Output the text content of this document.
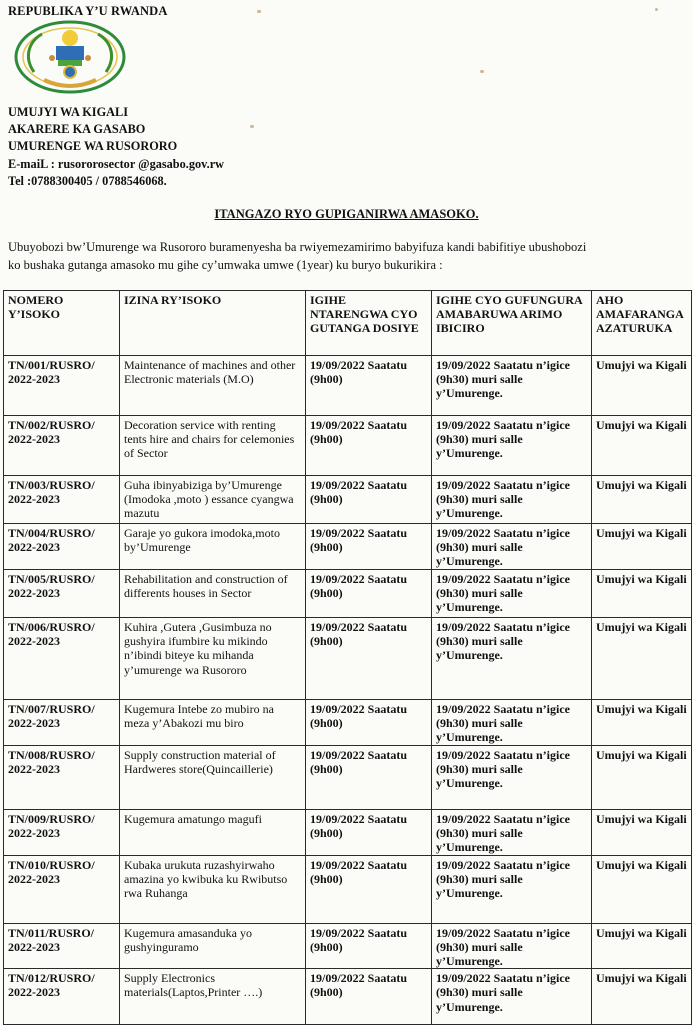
REPUBLIKA Y’U RWANDA
UMUJYI WA KIGALI
AKARERE KA GASABO
UMURENGE WA RUSORORO
E-maiL : rusororosector @gasabo.gov.rw
Tel :0788300405 / 0788546068.
ITANGAZO RYO GUPIGANIRWA AMASOKO.
Ubuyobozi bw’Umurenge wa Rusororo buramenyesha ba rwiyemezamirimo babyifuza kandi babifitiye ubushobozi
ko bushaka gutanga amasoko mu gihe cy’umwaka umwe (1year) ku buryo bukurikira :
NOMERO Y’ISOKO	IZINA RY’ISOKO	IGIHE NTARENGWA CYO GUTANGA DOSIYE	IGIHE CYO GUFUNGURA AMABARUWA ARIMO IBICIRO	AHO AMAFARANGA AZATURUKA
TN/001/RUSRO/ 2022-2023	Maintenance of machines and other Electronic materials (M.O)	19/09/2022 Saatatu (9h00)	19/09/2022 Saatatu n’igice (9h30) muri salle y’Umurenge.	Umujyi wa Kigali
TN/002/RUSRO/ 2022-2023	Decoration service with renting tents hire and chairs for celemonies of Sector	19/09/2022 Saatatu (9h00)	19/09/2022 Saatatu n’igice (9h30) muri salle y’Umurenge.	Umujyi wa Kigali
TN/003/RUSRO/ 2022-2023	Guha ibinyabiziga by’Umurenge (Imodoka ,moto ) essance cyangwa mazutu	19/09/2022 Saatatu (9h00)	19/09/2022 Saatatu n’igice (9h30) muri salle y’Umurenge.	Umujyi wa Kigali
TN/004/RUSRO/ 2022-2023	Garaje yo gukora imodoka,moto by’Umurenge	19/09/2022 Saatatu (9h00)	19/09/2022 Saatatu n’igice (9h30) muri salle y’Umurenge.	Umujyi wa Kigali
TN/005/RUSRO/ 2022-2023	Rehabilitation and construction of differents houses in Sector	19/09/2022 Saatatu (9h00)	19/09/2022 Saatatu n’igice (9h30) muri salle y’Umurenge.	Umujyi wa Kigali
TN/006/RUSRO/ 2022-2023	Kuhira ,Gutera ,Gusimbuza no gushyira ifumbire ku mikindo n’ibindi biteye ku mihanda y’umurenge wa Rusororo	19/09/2022 Saatatu (9h00)	19/09/2022 Saatatu n’igice (9h30) muri salle y’Umurenge.	Umujyi wa Kigali
TN/007/RUSRO/ 2022-2023	Kugemura Intebe zo mubiro na meza y’Abakozi mu biro	19/09/2022 Saatatu (9h00)	19/09/2022 Saatatu n’igice (9h30) muri salle y’Umurenge.	Umujyi wa Kigali
TN/008/RUSRO/ 2022-2023	Supply construction material of Hardweres store(Quincaillerie)	19/09/2022 Saatatu (9h00)	19/09/2022 Saatatu n’igice (9h30) muri salle y’Umurenge.	Umujyi wa Kigali
TN/009/RUSRO/ 2022-2023	Kugemura amatungo magufi	19/09/2022 Saatatu (9h00)	19/09/2022 Saatatu n’igice (9h30) muri salle y’Umurenge.	Umujyi wa Kigali
TN/010/RUSRO/ 2022-2023	Kubaka urukuta ruzashyirwaho amazina yo kwibuka ku Rwibutso rwa Ruhanga	19/09/2022 Saatatu (9h00)	19/09/2022 Saatatu n’igice (9h30) muri salle y’Umurenge.	Umujyi wa Kigali
TN/011/RUSRO/ 2022-2023	Kugemura amasanduka yo gushyinguramo	19/09/2022 Saatatu (9h00)	19/09/2022 Saatatu n’igice (9h30) muri salle y’Umurenge.	Umujyi wa Kigali
TN/012/RUSRO/ 2022-2023	Supply Electronics materials(Laptos,Printer ….)	19/09/2022 Saatatu (9h00)	19/09/2022 Saatatu n’igice (9h30) muri salle y’Umurenge.	Umujyi wa Kigali
